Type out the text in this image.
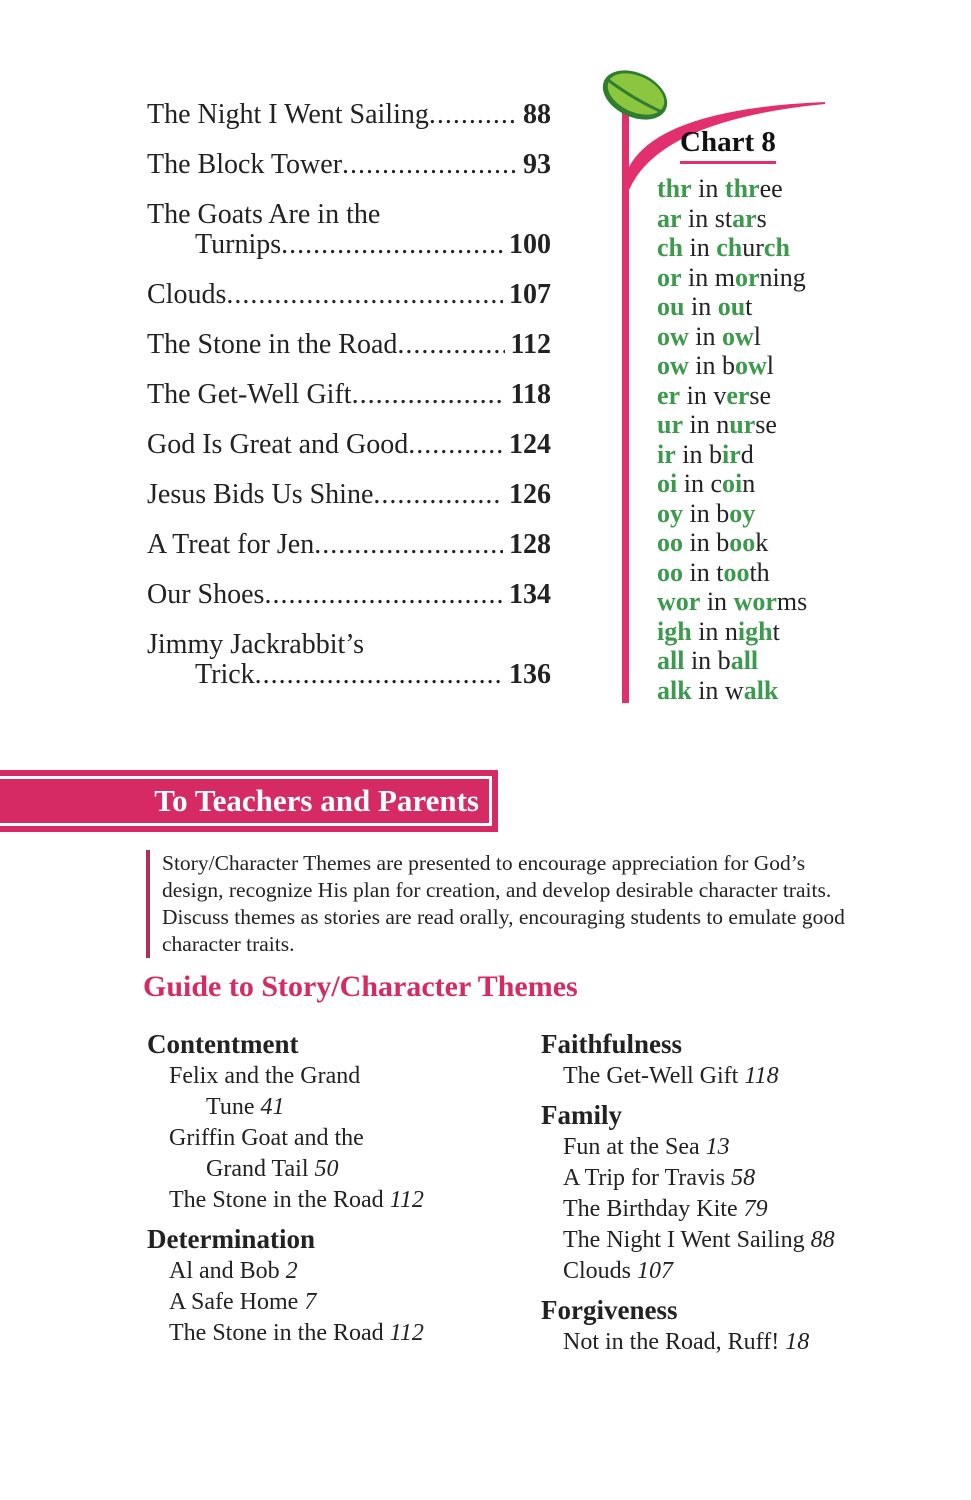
The Night I Went Sailing .....	88
The Block Tower .....	93
The Goats Are in the
Turnips .....	100
Clouds .....	107
The Stone in the Road .....	112
The Get-Well Gift .....	118
God Is Great and Good .....	124
Jesus Bids Us Shine .....	126
A Treat for Jen .....	128
Our Shoes .....	134
Jimmy Jackrabbit’s
Trick .....	136
Chart 8
thr in three
ar in stars
ch in church
or in morning
ou in out
ow in owl
ow in bowl
er in verse
ur in nurse
ir in bird
oi in coin
oy in boy
oo in book
oo in tooth
wor in worms
igh in night
all in ball
alk in walk
To Teachers and Parents
Story/Character Themes are presented to encourage appreciation for God’s design, recognize His plan for creation, and develop desirable character traits. Discuss themes as stories are read orally, encouraging students to emulate good character traits.
Guide to Story/Character Themes
Contentment
Felix and the Grand
Tune 41
Griffin Goat and the
Grand Tail 50
The Stone in the Road 112
Determination
Al and Bob 2
A Safe Home 7
The Stone in the Road 112
Faithfulness
The Get-Well Gift 118
Family
Fun at the Sea 13
A Trip for Travis 58
The Birthday Kite 79
The Night I Went Sailing 88
Clouds 107
Forgiveness
Not in the Road, Ruff! 18
